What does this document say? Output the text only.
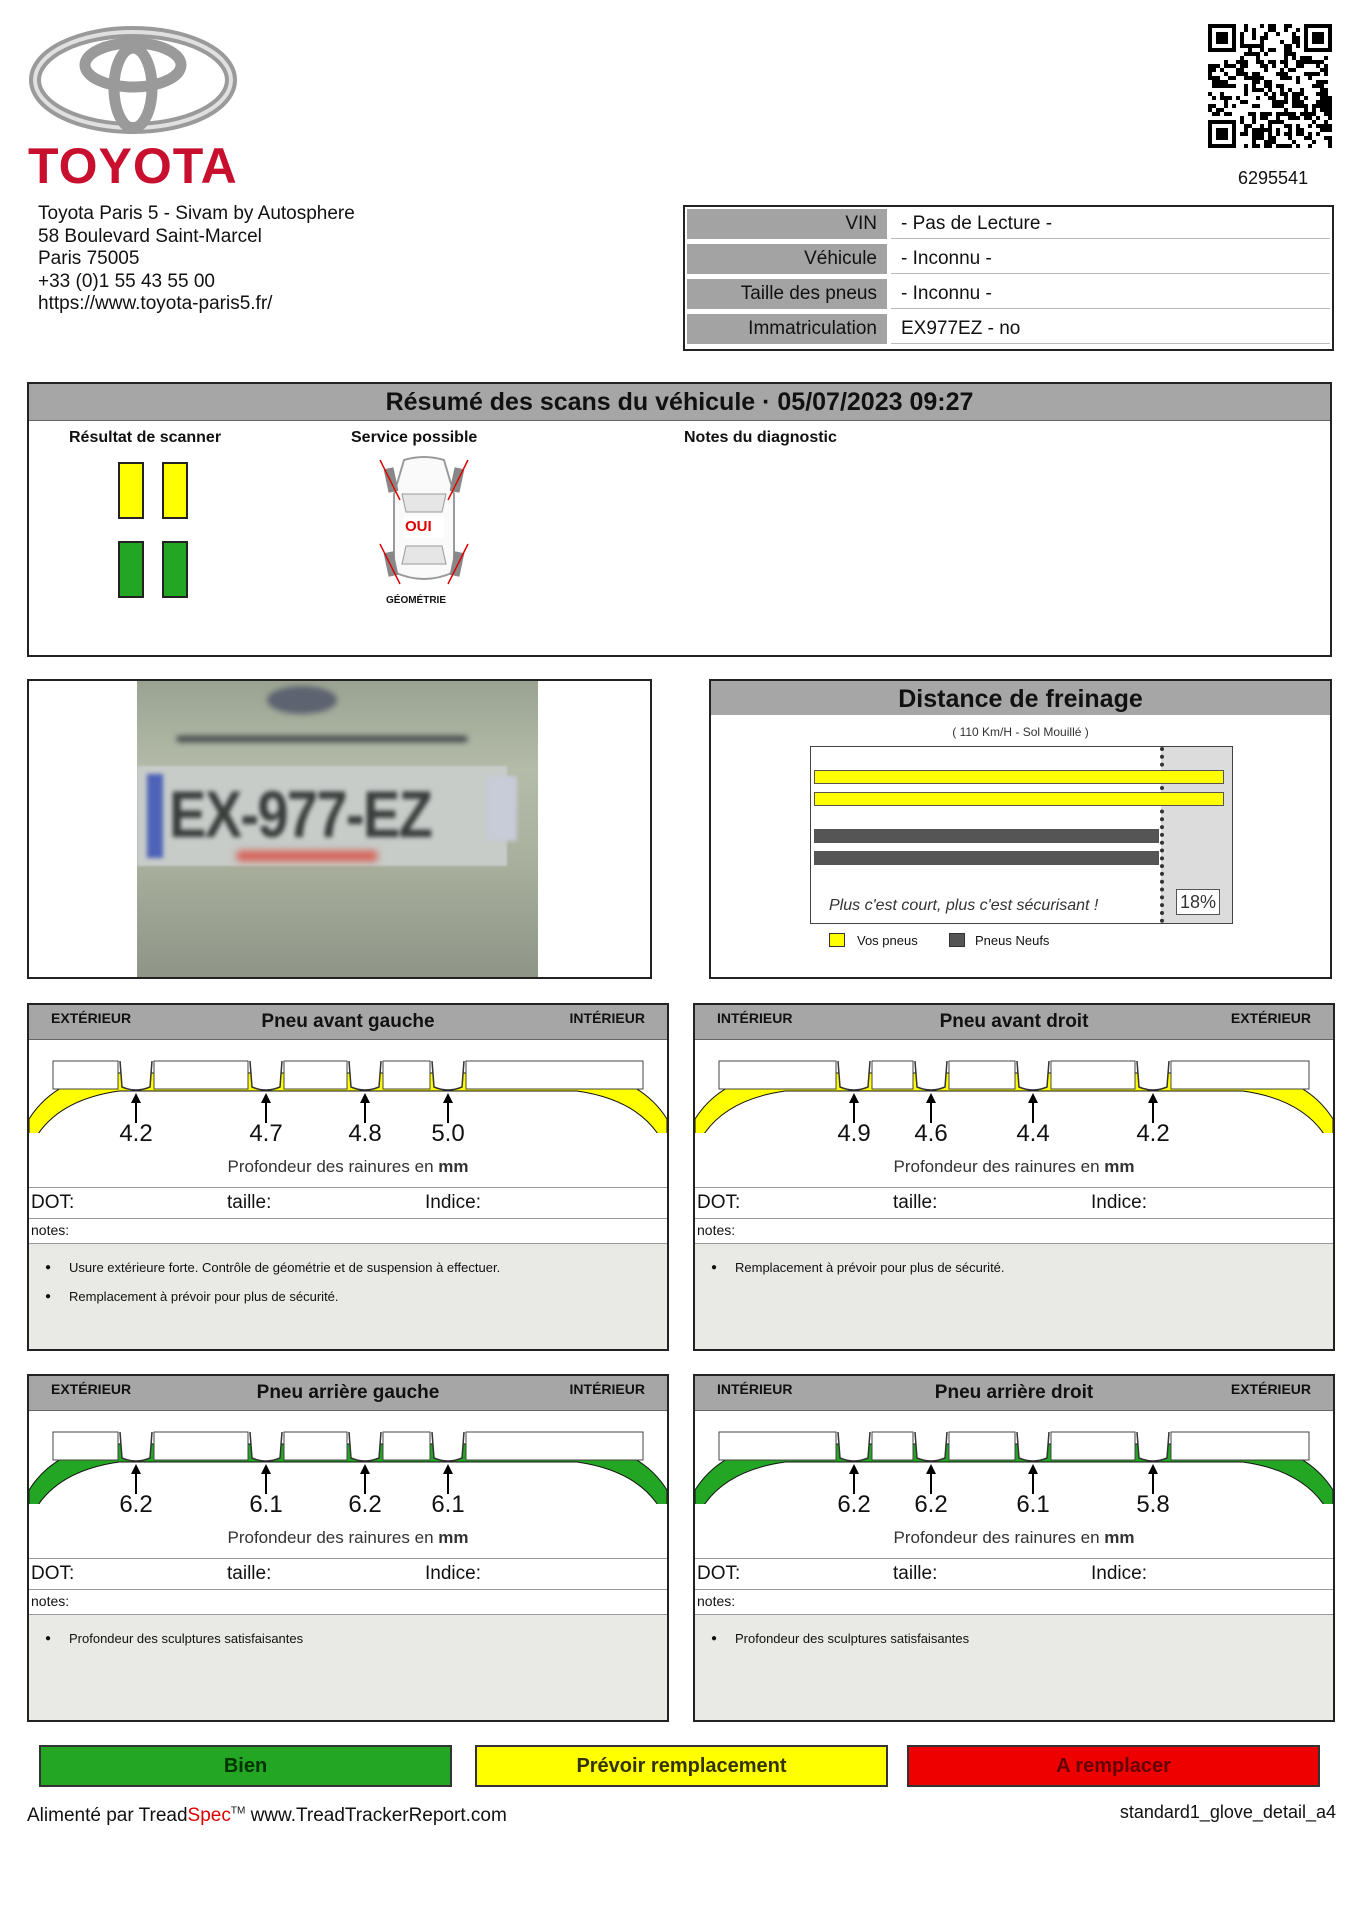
TOYOTA	6295541
Toyota Paris 5 - Sivam by Autosphere
58 Boulevard Saint-Marcel
Paris 75005
+33 (0)1 55 43 55 00
https://www.toyota-paris5.fr/
VIN	- Pas de Lecture -
Véhicule	- Inconnu -
Taille des pneus	- Inconnu -
Immatriculation	EX977EZ - no
Résumé des scans du véhicule · 05/07/2023 09:27
Résultat de scanner	Service possible	Notes du diagnostic
OUI
GÉOMÉTRIE
EX-977-EZ
Distance de freinage
( 110 Km/H - Sol Mouillé )
Plus c'est court, plus c'est sécurisant !	18%
Vos pneus	Pneus Neufs
EXTÉRIEUR	Pneu avant gauche	INTÉRIEUR
4.2	4.7	4.8	5.0
Profondeur des rainures en mm
DOT:	taille:	Indice:
notes:
● Usure extérieure forte. Contrôle de géométrie et de suspension à effectuer.
● Remplacement à prévoir pour plus de sécurité.
INTÉRIEUR	Pneu avant droit	EXTÉRIEUR
4.9	4.6	4.4	4.2
Profondeur des rainures en mm
DOT:	taille:	Indice:
notes:
● Remplacement à prévoir pour plus de sécurité.
EXTÉRIEUR	Pneu arrière gauche	INTÉRIEUR
6.2	6.1	6.2	6.1
Profondeur des rainures en mm
DOT:	taille:	Indice:
notes:
● Profondeur des sculptures satisfaisantes
INTÉRIEUR	Pneu arrière droit	EXTÉRIEUR
6.2	6.2	6.1	5.8
Profondeur des rainures en mm
DOT:	taille:	Indice:
notes:
● Profondeur des sculptures satisfaisantes
Bien	Prévoir remplacement	A remplacer
Alimenté par TreadSpec™ www.TreadTrackerReport.com	standard1_glove_detail_a4
